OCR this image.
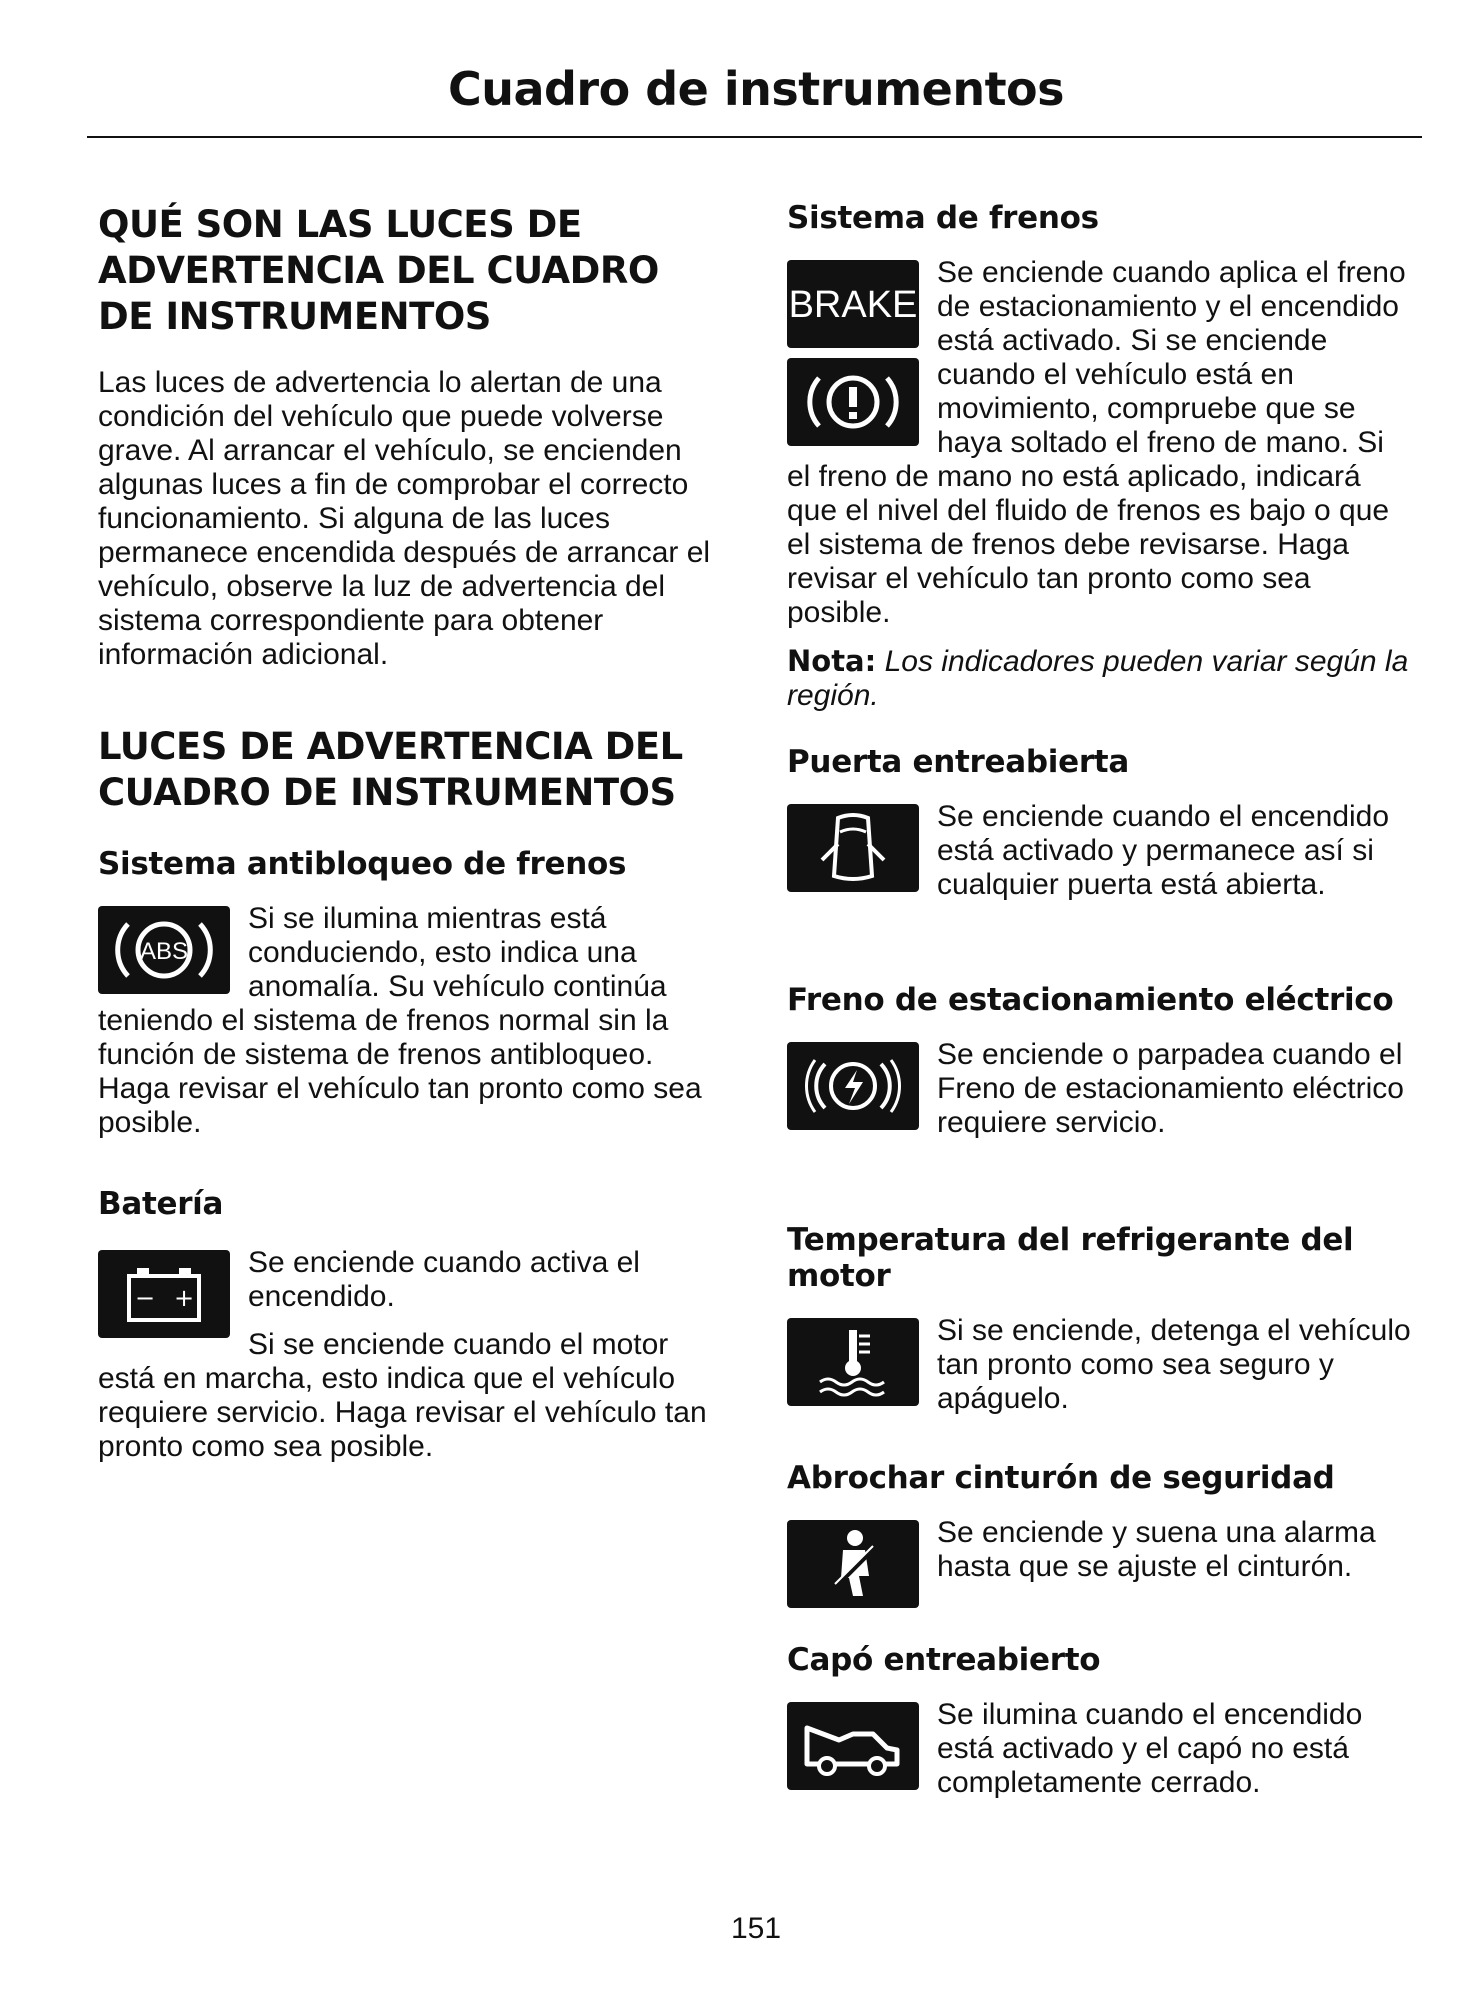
Cuadro de instrumentos
QUÉ SON LAS LUCES DE ADVERTENCIA DEL CUADRO DE INSTRUMENTOS

Las luces de advertencia lo alertan de una condición del vehículo que puede volverse grave. Al arrancar el vehículo, se encienden algunas luces a fin de comprobar el correcto funcionamiento. Si alguna de las luces permanece encendida después de arrancar el vehículo, observe la luz de advertencia del sistema correspondiente para obtener información adicional.

LUCES DE ADVERTENCIA DEL CUADRO DE INSTRUMENTOS
Sistema antibloqueo de frenos
ABS

Si se ilumina mientras está conduciendo, esto indica una anomalía. Su vehículo continúa teniendo el sistema de frenos normal sin la función de sistema de frenos antibloqueo. Haga revisar el vehículo tan pronto como sea posible.

Batería
− +

Se enciende cuando activa el encendido.

Si se enciende cuando el motor está en marcha, esto indica que el vehículo requiere servicio. Haga revisar el vehículo tan pronto como sea posible.

Sistema de frenos
BRAKE

Se enciende cuando aplica el freno de estacionamiento y el encendido está activado. Si se enciende cuando el vehículo está en movimiento, compruebe que se haya soltado el freno de mano. Si el freno de mano no está aplicado, indicará que el nivel del fluido de frenos es bajo o que el sistema de frenos debe revisarse. Haga revisar el vehículo tan pronto como sea posible.

Nota: Los indicadores pueden variar según la región.

Puerta entreabierta

Se enciende cuando el encendido está activado y permanece así si cualquier puerta está abierta.

Freno de estacionamiento eléctrico

Se enciende o parpadea cuando el Freno de estacionamiento eléctrico requiere servicio.

Temperatura del refrigerante del motor

Si se enciende, detenga el vehículo tan pronto como sea seguro y apáguelo.

Abrochar cinturón de seguridad

Se enciende y suena una alarma hasta que se ajuste el cinturón.

Capó entreabierto

Se ilumina cuando el encendido está activado y el capó no está completamente cerrado.

151
